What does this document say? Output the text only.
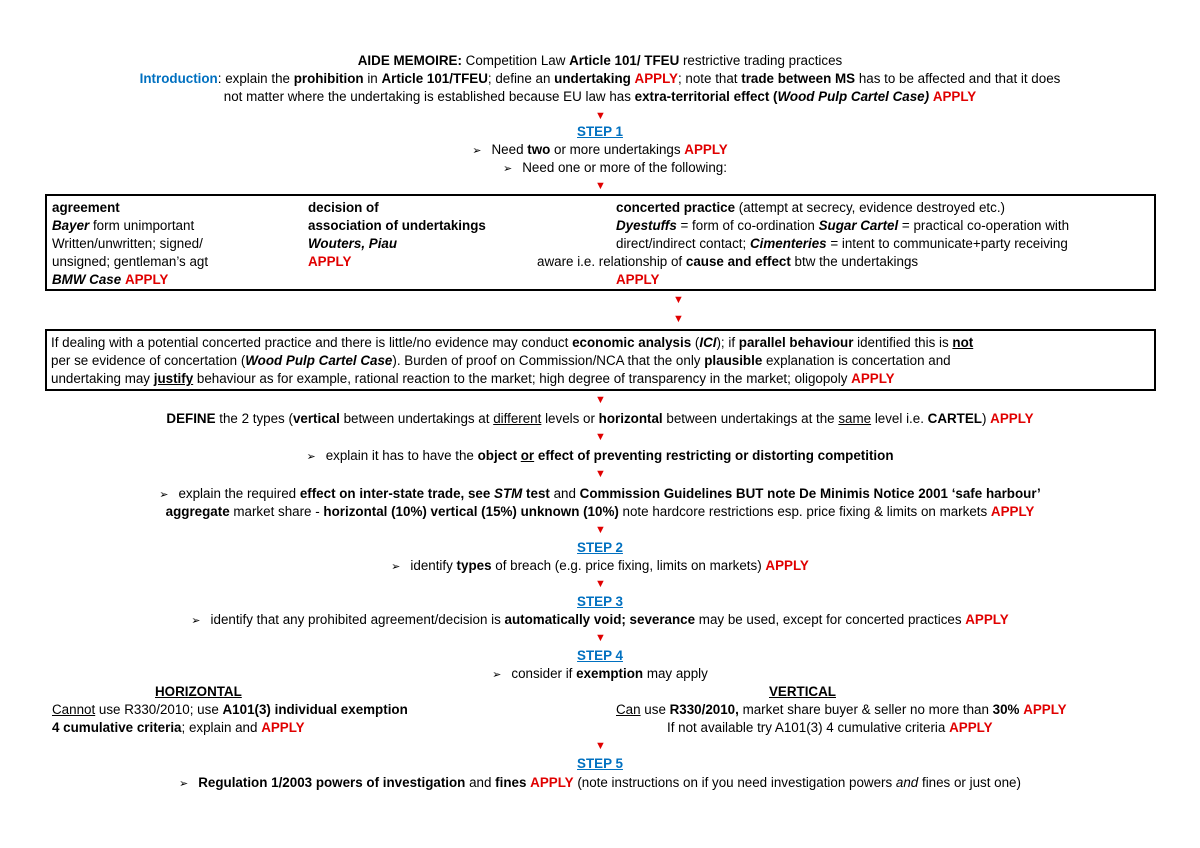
AIDE MEMOIRE: Competition Law Article 101/ TFEU restrictive trading practices
Introduction: explain the prohibition in Article 101/TFEU; define an undertaking APPLY; note that trade between MS has to be affected and that it does
not matter where the undertaking is established because EU law has extra-territorial effect (Wood Pulp Cartel Case) APPLY
▼
STEP 1
➢ Need two or more undertakings APPLY
➢ Need one or more of the following:
▼
agreement
Bayer form unimportant
Written/unwritten; signed/
unsigned; gentleman’s agt
BMW Case APPLY
decision of
association of undertakings
Wouters, Piau
APPLY
concerted practice (attempt at secrecy, evidence destroyed etc.)
Dyestuffs = form of co-ordination Sugar Cartel = practical co-operation with
direct/indirect contact; Cimenteries = intent to communicate+party receiving
aware i.e. relationship of cause and effect btw the undertakings
APPLY
▼
▼
If dealing with a potential concerted practice and there is little/no evidence may conduct economic analysis (ICI); if parallel behaviour identified this is not
per se evidence of concertation (Wood Pulp Cartel Case). Burden of proof on Commission/NCA that the only plausible explanation is concertation and
undertaking may justify behaviour as for example, rational reaction to the market; high degree of transparency in the market; oligopoly APPLY
▼
DEFINE the 2 types (vertical between undertakings at different levels or horizontal between undertakings at the same level i.e. CARTEL) APPLY
▼
➢ explain it has to have the object or effect of preventing restricting or distorting competition
▼
➢ explain the required effect on inter-state trade, see STM test and Commission Guidelines BUT note De Minimis Notice 2001 ‘safe harbour’
aggregate market share - horizontal (10%) vertical (15%) unknown (10%) note hardcore restrictions esp. price fixing & limits on markets APPLY
▼
STEP 2
➢ identify types of breach (e.g. price fixing, limits on markets) APPLY
▼
STEP 3
➢ identify that any prohibited agreement/decision is automatically void; severance may be used, except for concerted practices APPLY
▼
STEP 4
➢ consider if exemption may apply
HORIZONTAL
Cannot use R330/2010; use A101(3) individual exemption
4 cumulative criteria; explain and APPLY
VERTICAL
Can use R330/2010, market share buyer & seller no more than 30% APPLY
If not available try A101(3) 4 cumulative criteria APPLY
▼
STEP 5
➢ Regulation 1/2003 powers of investigation and fines APPLY (note instructions on if you need investigation powers and fines or just one)
